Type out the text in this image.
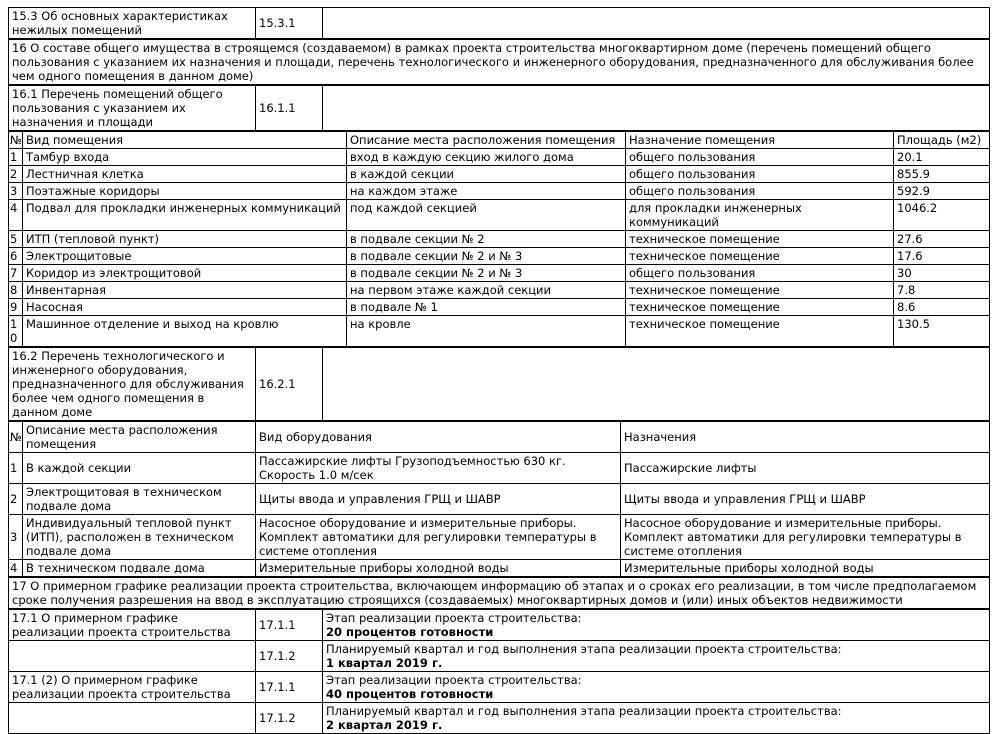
15.3 Об основных характеристиках нежилых помещений	15.3.1	
16 О составе общего имущества в строящемся (создаваемом) в рамках проекта строительства многоквартирном доме (перечень помещений общего пользования с указанием их назначения и площади, перечень технологического и инженерного оборудования, предназначенного для обслуживания более чем одного помещения в данном доме)
16.1 Перечень помещений общего пользования с указанием их назначения и площади	16.1.1	
№	Вид помещения	Описание места расположения помещения	Назначение помещения	Площадь (м2)
1	Тамбур входа	вход в каждую секцию жилого дома	общего пользования	20.1
2	Лестничная клетка	в каждой секции	общего пользования	855.9
3	Поэтажные коридоры	на каждом этаже	общего пользования	592.9
4	Подвал для прокладки инженерных коммуникаций	под каждой секцией	для прокладки инженерных коммуникаций	1046.2
5	ИТП (тепловой пункт)	в подвале секции № 2	техническое помещение	27.6
6	Электрощитовые	в подвале секции № 2 и № 3	техническое помещение	17.6
7	Коридор из электрощитовой	в подвале секции № 2 и № 3	общего пользования	30
8	Инвентарная	на первом этаже каждой секции	техническое помещение	7.8
9	Насосная	в подвале № 1	техническое помещение	8.6
10	Машинное отделение и выход на кровлю	на кровле	техническое помещение	130.5
16.2 Перечень технологического и инженерного оборудования, предназначенного для обслуживания более чем одного помещения в данном доме	16.2.1	
№	Описание места расположения помещения	Вид оборудования	Назначения
1	В каждой секции	Пассажирские лифты Грузоподъемностью 630 кг. Скорость 1.0 м/сек	Пассажирские лифты
2	Электрощитовая в техническом подвале дома	Щиты ввода и управления ГРЩ и ШАВР	Щиты ввода и управления ГРЩ и ШАВР
3	Индивидуальный тепловой пункт (ИТП), расположен в техническом подвале дома	Насосное оборудование и измерительные приборы. Комплект автоматики для регулировки температуры в системе отопления	Насосное оборудование и измерительные приборы. Комплект автоматики для регулировки температуры в системе отопления
4	В техническом подвале дома	Измерительные приборы холодной воды	Измерительные приборы холодной воды
17 О примерном графике реализации проекта строительства, включающем информацию об этапах и о сроках его реализации, в том числе предполагаемом сроке получения разрешения на ввод в эксплуатацию строящихся (создаваемых) многоквартирных домов и (или) иных объектов недвижимости
17.1 О примерном графике реализации проекта строительства	17.1.1	Этап реализации проекта строительства:
20 процентов готовности

	17.1.2	Планируемый квартал и год выполнения этапа реализации проекта строительства:
1 квартал 2019 г.

17.1 (2) О примерном графике реализации проекта строительства	17.1.1	Этап реализации проекта строительства:
40 процентов готовности

	17.1.2	Планируемый квартал и год выполнения этапа реализации проекта строительства:
2 квартал 2019 г.
